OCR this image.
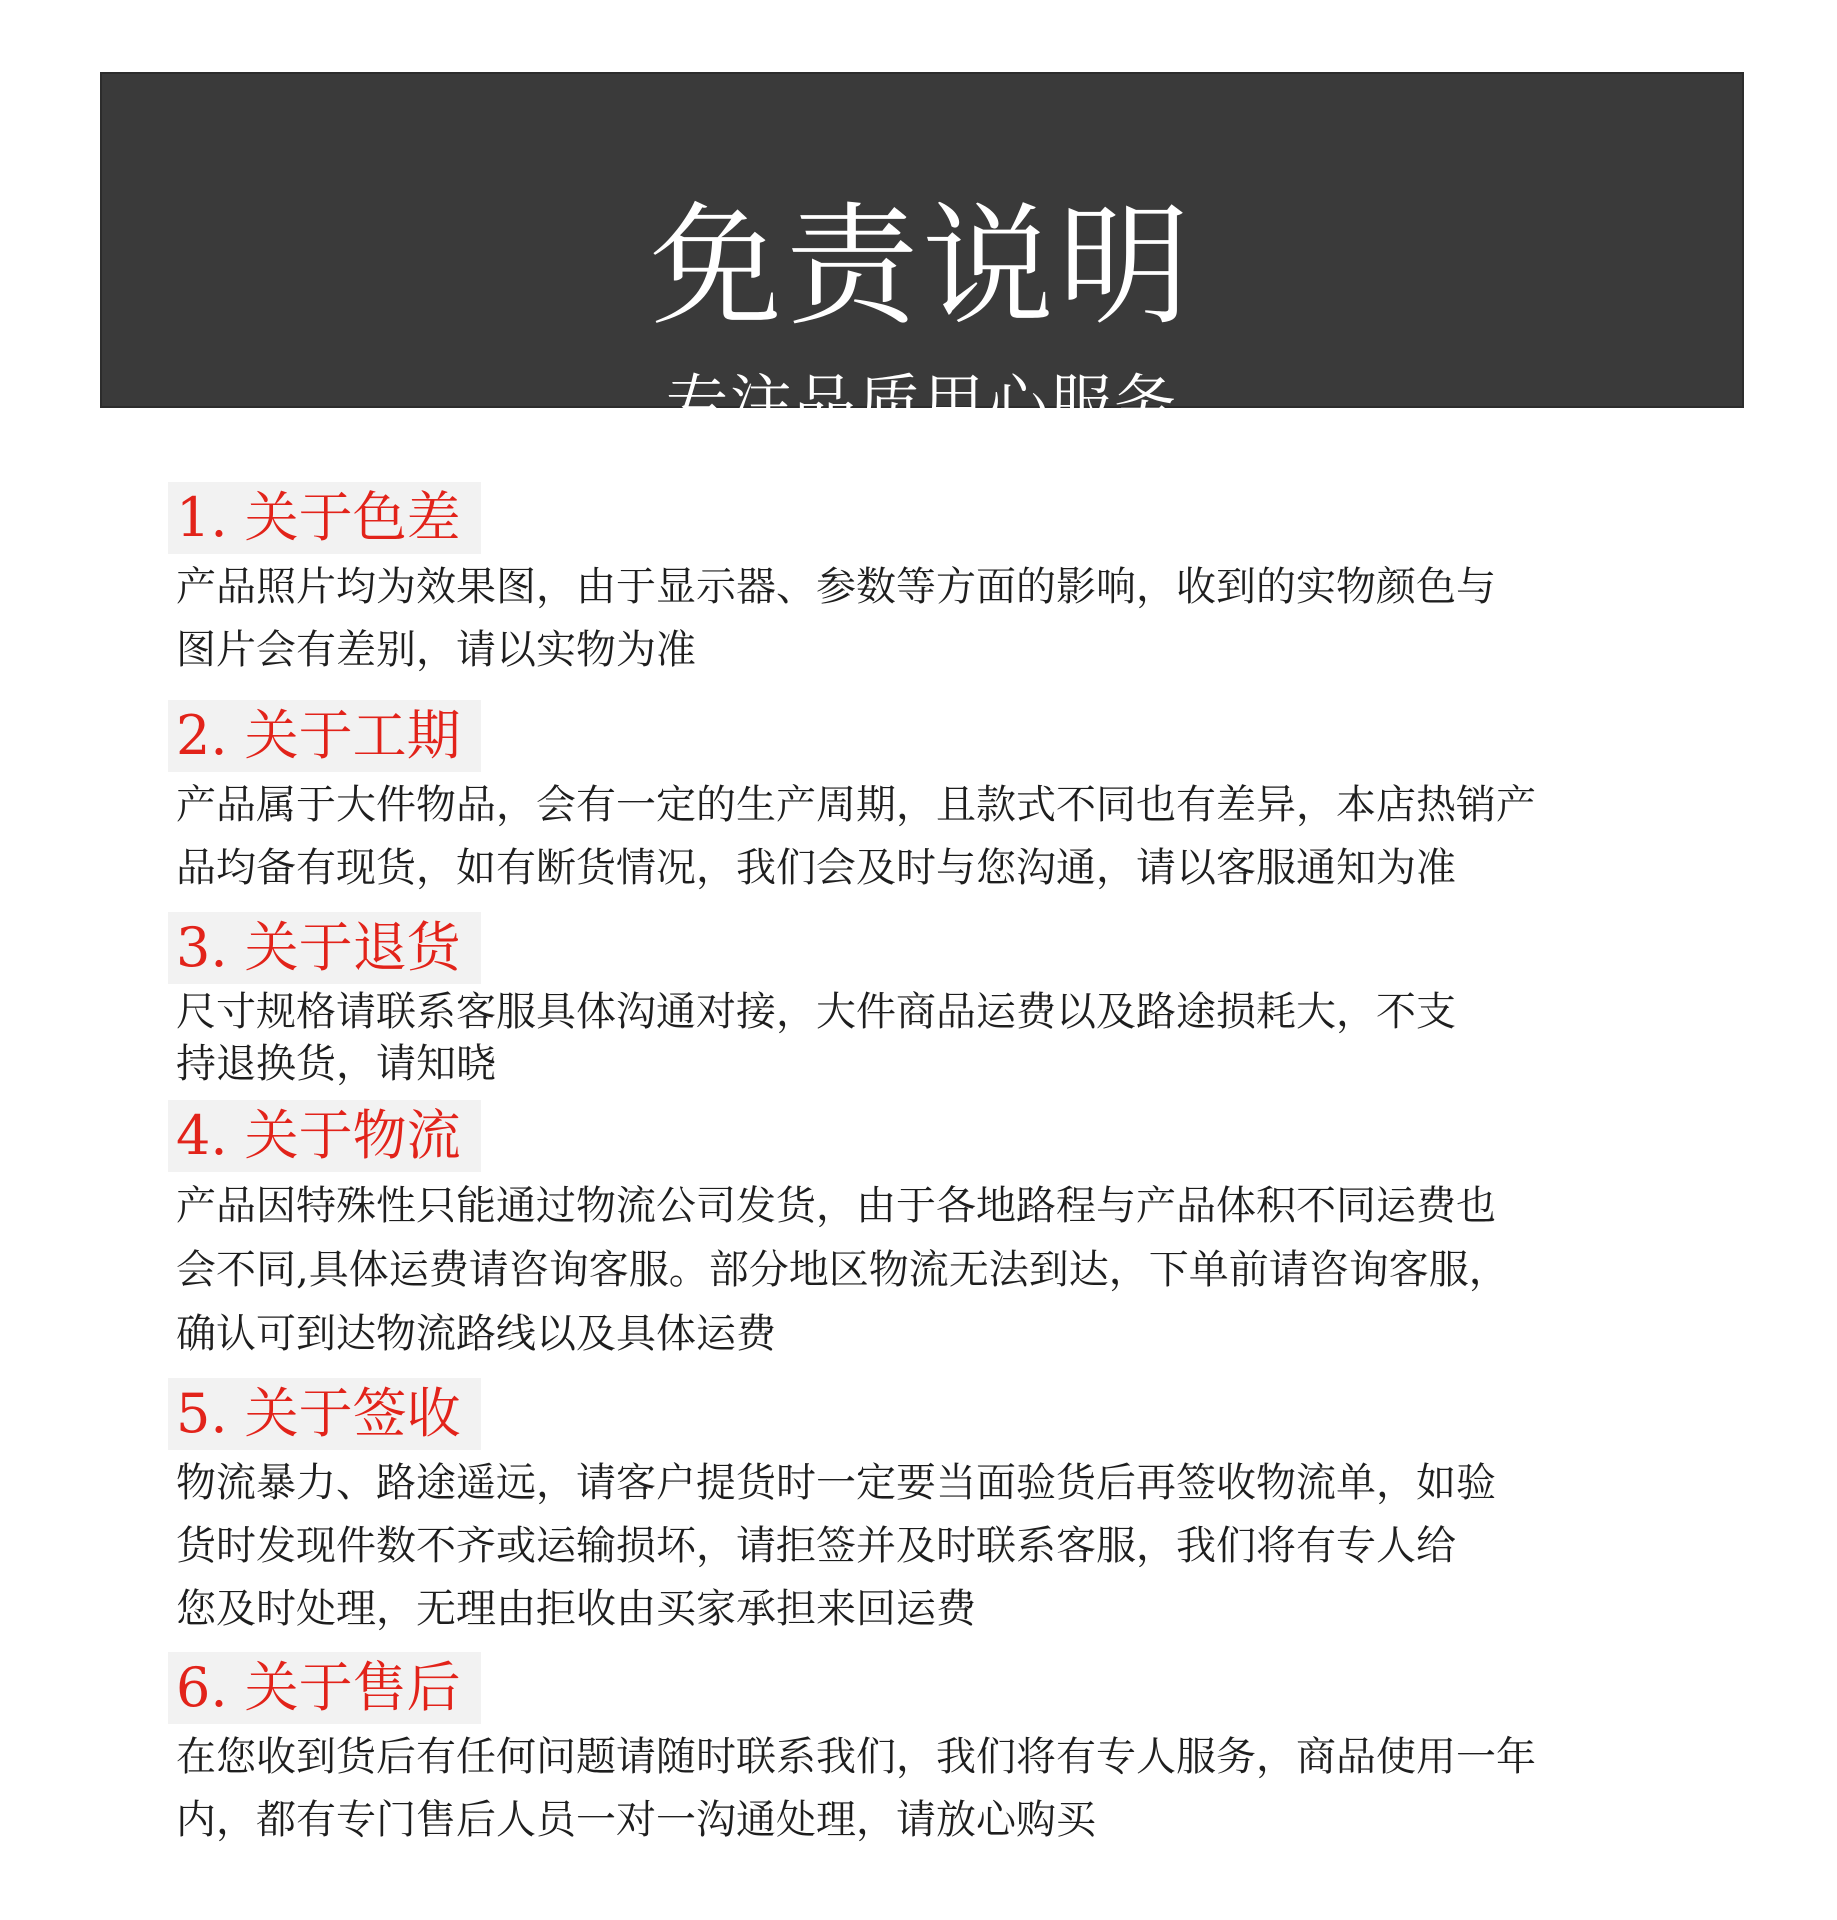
免责说明
专注品质用心服务
1. 关于色差
产品照片均为效果图，由于显示器、参数等方面的影响，收到的实物颜色与
图片会有差别，请以实物为准
2. 关于工期
产品属于大件物品，会有一定的生产周期，且款式不同也有差异，本店热销产
品均备有现货，如有断货情况，我们会及时与您沟通，请以客服通知为准
3. 关于退货
尺寸规格请联系客服具体沟通对接，大件商品运费以及路途损耗大，不支
持退换货，请知晓
4. 关于物流
产品因特殊性只能通过物流公司发货，由于各地路程与产品体积不同运费也
会不同,具体运费请咨询客服。部分地区物流无法到达，下单前请咨询客服，
确认可到达物流路线以及具体运费
5. 关于签收
物流暴力、路途遥远，请客户提货时一定要当面验货后再签收物流单，如验
货时发现件数不齐或运输损坏，请拒签并及时联系客服，我们将有专人给
您及时处理，无理由拒收由买家承担来回运费
6. 关于售后
在您收到货后有任何问题请随时联系我们，我们将有专人服务，商品使用一年
内，都有专门售后人员一对一沟通处理，请放心购买
